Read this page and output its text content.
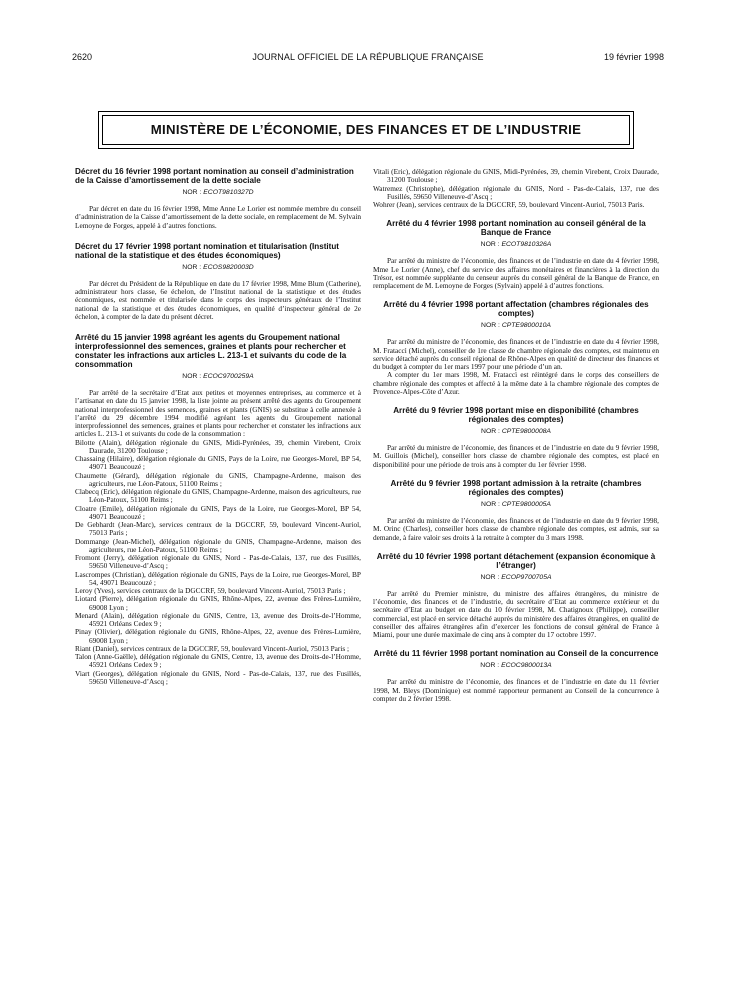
2620	JOURNAL OFFICIEL DE LA RÉPUBLIQUE FRANÇAISE	19 février 1998
MINISTÈRE DE L’ÉCONOMIE, DES FINANCES ET DE L’INDUSTRIE
Décret du 16 février 1998 portant nomination au conseil d’administration de la Caisse d’amortissement de la dette sociale
NOR : ECOT9810327D

Par décret en date du 16 février 1998, Mme Anne Le Lorier est nommée membre du conseil d’administration de la Caisse d’amortissement de la dette sociale, en remplacement de M. Sylvain Lemoyne de Forges, appelé à d’autres fonctions.

Décret du 17 février 1998 portant nomination et titularisation (Institut national de la statistique et des études économiques)
NOR : ECOS9820003D

Par décret du Président de la République en date du 17 février 1998, Mme Blum (Catherine), administrateur hors classe, 6e échelon, de l’Institut national de la statistique et des études économiques, est nommée et titularisée dans le corps des inspecteurs généraux de l’Institut national de la statistique et des études économiques, en qualité d’inspecteur général de 2e échelon, à compter de la date du présent décret.

Arrêté du 15 janvier 1998 agréant les agents du Groupement national interprofessionnel des semences, graines et plants pour rechercher et constater les infractions aux articles L. 213-1 et suivants du code de la consommation
NOR : ECOC9700259A

Par arrêté de la secrétaire d’Etat aux petites et moyennes entreprises, au commerce et à l’artisanat en date du 15 janvier 1998, la liste jointe au présent arrêté des agents du Groupement national interprofessionnel des semences, graines et plants (GNIS) se substitue à celle annexée à l’arrêté du 29 décembre 1994 modifié agréant les agents du Groupement national interprofessionnel des semences, graines et plants pour rechercher et constater les infractions aux articles L. 213-1 et suivants du code de la consommation :

Bilotte (Alain), délégation régionale du GNIS, Midi-Pyrénées, 39, chemin Virebent, Croix Daurade, 31200 Toulouse ;

Chassaing (Hilaire), délégation régionale du GNIS, Pays de la Loire, rue Georges-Morel, BP 54, 49071 Beaucouzé ;

Chaumette (Gérard), délégation régionale du GNIS, Champagne-Ardenne, maison des agriculteurs, rue Léon-Patoux, 51100 Reims ;

Clabecq (Eric), délégation régionale du GNIS, Champagne-Ardenne, maison des agriculteurs, rue Léon-Patoux, 51100 Reims ;

Cloatre (Emile), délégation régionale du GNIS, Pays de la Loire, rue Georges-Morel, BP 54, 49071 Beaucouzé ;

De Gebhardt (Jean-Marc), services centraux de la DGCCRF, 59, boulevard Vincent-Auriol, 75013 Paris ;

Dommange (Jean-Michel), délégation régionale du GNIS, Champagne-Ardenne, maison des agriculteurs, rue Léon-Patoux, 51100 Reims ;

Fromont (Jerry), délégation régionale du GNIS, Nord - Pas-de-Calais, 137, rue des Fusillés, 59650 Villeneuve-d’Ascq ;

Lascrompes (Christian), délégation régionale du GNIS, Pays de la Loire, rue Georges-Morel, BP 54, 49071 Beaucouzé ;

Leroy (Yves), services centraux de la DGCCRF, 59, boulevard Vincent-Auriol, 75013 Paris ;

Liotard (Pierre), délégation régionale du GNIS, Rhône-Alpes, 22, avenue des Frères-Lumière, 69008 Lyon ;

Menard (Alain), délégation régionale du GNIS, Centre, 13, avenue des Droits-de-l’Homme, 45921 Orléans Cedex 9 ;

Pinay (Olivier), délégation régionale du GNIS, Rhône-Alpes, 22, avenue des Frères-Lumière, 69008 Lyon ;

Riant (Daniel), services centraux de la DGCCRF, 59, boulevard Vincent-Auriol, 75013 Paris ;

Talon (Anne-Gaëlle), délégation régionale du GNIS, Centre, 13, avenue des Droits-de-l’Homme, 45921 Orléans Cedex 9 ;

Viart (Georges), délégation régionale du GNIS, Nord - Pas-de-Calais, 137, rue des Fusillés, 59650 Villeneuve-d’Ascq ;

Vitali (Eric), délégation régionale du GNIS, Midi-Pyrénées, 39, chemin Virebent, Croix Daurade, 31200 Toulouse ;

Watremez (Christophe), délégation régionale du GNIS, Nord - Pas-de-Calais, 137, rue des Fusillés, 59650 Villeneuve-d’Ascq ;

Wohrer (Jean), services centraux de la DGCCRF, 59, boulevard Vincent-Auriol, 75013 Paris.

Arrêté du 4 février 1998 portant nomination au conseil général de la Banque de France
NOR : ECOT9810326A

Par arrêté du ministre de l’économie, des finances et de l’industrie en date du 4 février 1998, Mme Le Lorier (Anne), chef du service des affaires monétaires et financières à la direction du Trésor, est nommée suppléante du censeur auprès du conseil général de la Banque de France, en remplacement de M. Lemoyne de Forges (Sylvain) appelé à d’autres fonctions.

Arrêté du 4 février 1998 portant affectation (chambres régionales des comptes)
NOR : CPTE9800010A

Par arrêté du ministre de l’économie, des finances et de l’industrie en date du 4 février 1998, M. Frataccì (Michel), conseiller de 1re classe de chambre régionale des comptes, est maintenu en service détaché auprès du conseil régional de Rhône-Alpes en qualité de directeur des finances et du budget à compter du 1er mars 1997 pour une période d’un an.

A compter du 1er mars 1998, M. Frataccì est réintégré dans le corps des conseillers de chambre régionale des comptes et affecté à la même date à la chambre régionale des comptes de Provence-Alpes-Côte d’Azur.

Arrêté du 9 février 1998 portant mise en disponibilité (chambres régionales des comptes)
NOR : CPTE9800008A

Par arrêté du ministre de l’économie, des finances et de l’industrie en date du 9 février 1998, M. Guillois (Michel), conseiller hors classe de chambre régionale des comptes, est placé en disponibilité pour une période de trois ans à compter du 1er février 1998.

Arrêté du 9 février 1998 portant admission à la retraite (chambres régionales des comptes)
NOR : CPTE9800005A

Par arrêté du ministre de l’économie, des finances et de l’industrie en date du 9 février 1998, M. Orinc (Charles), conseiller hors classe de chambre régionale des comptes, est admis, sur sa demande, à faire valoir ses droits à la retraite à compter du 3 mars 1998.

Arrêté du 10 février 1998 portant détachement (expansion économique à l’étranger)
NOR : ECOP9700705A

Par arrêté du Premier ministre, du ministre des affaires étrangères, du ministre de l’économie, des finances et de l’industrie, du secrétaire d’Etat au commerce extérieur et du secrétaire d’Etat au budget en date du 10 février 1998, M. Chatignoux (Philippe), conseiller commercial, est placé en service détaché auprès du ministère des affaires étrangères, en qualité de conseiller des affaires étrangères afin d’exercer les fonctions de consul général de France à Miami, pour une durée maximale de cinq ans à compter du 17 octobre 1997.

Arrêté du 11 février 1998 portant nomination au Conseil de la concurrence
NOR : ECOC9800013A

Par arrêté du ministre de l’économie, des finances et de l’industrie en date du 11 février 1998, M. Bleys (Dominique) est nommé rapporteur permanent au Conseil de la concurrence à compter du 2 février 1998.
